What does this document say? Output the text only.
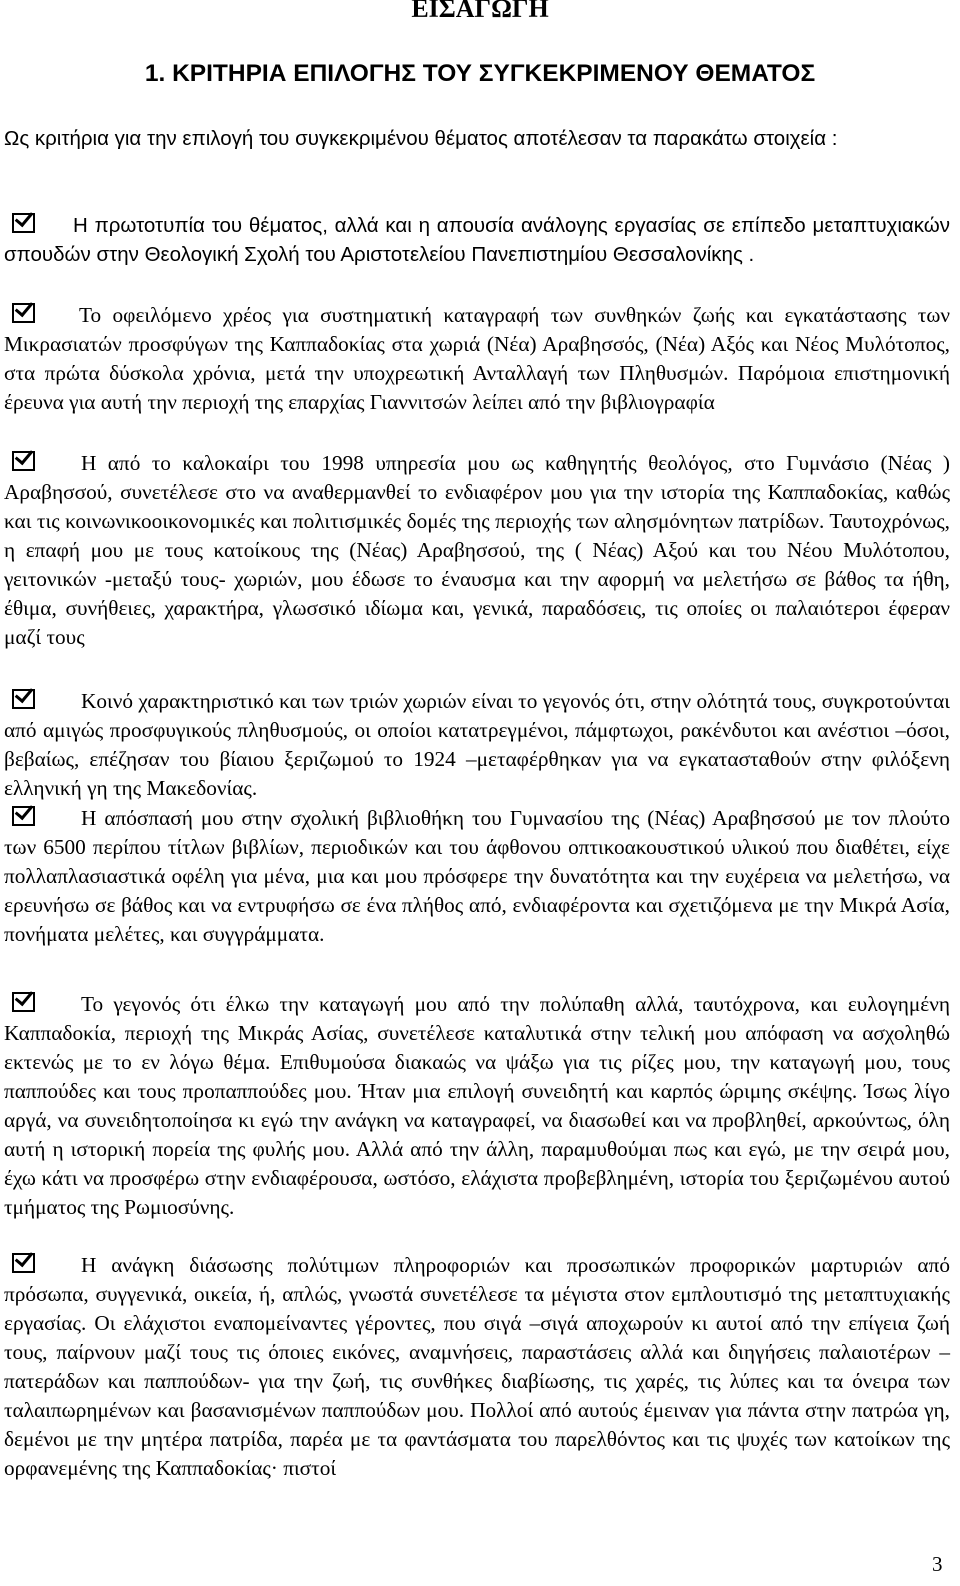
ΕΙΣΑΓΩΓΗ
1. ΚΡΙΤΗΡΙΑ ΕΠΙΛΟΓΗΣ ΤΟΥ ΣΥΓΚΕΚΡΙΜΕΝΟΥ ΘΕΜΑΤΟΣ

Ως κριτήρια για την επιλογή του συγκεκριμένου θέματος αποτέλεσαν τα παρακάτω στοιχεία :

Η πρωτοτυπία του θέματος, αλλά και η απουσία ανάλογης εργασίας σε επίπεδο μεταπτυχιακών σπουδών στην Θεολογική Σχολή του Αριστοτελείου Πανεπιστημίου Θεσσαλονίκης .

Το οφειλόμενο χρέος για συστηματική καταγραφή των συνθηκών ζωής και εγκατάστασης των Μικρασιατών προσφύγων της Καππαδοκίας στα χωριά (Νέα) Αραβησσός, (Νέα) Αξός και Νέος Μυλότοπος, στα πρώτα δύσκολα χρόνια, μετά την υποχρεωτική Ανταλλαγή των Πληθυσμών. Παρόμοια επιστημονική έρευνα για αυτή την περιοχή της επαρχίας Γιαννιτσών λείπει από την βιβλιογραφία

Η από το καλοκαίρι του 1998 υπηρεσία μου ως καθηγητής θεολόγος, στο Γυμνάσιο (Νέας ) Αραβησσού, συνετέλεσε στο να αναθερμανθεί το ενδιαφέρον μου για την ιστορία της Καππαδοκίας, καθώς και τις κοινωνικοοικονομικές και πολιτισμικές δομές της περιοχής των αλησμόνητων πατρίδων. Ταυτοχρόνως, η επαφή μου με τους κατοίκους της (Νέας) Αραβησσού, της ( Νέας) Αξού και του Νέου Μυλότοπου, γειτονικών -μεταξύ τους- χωριών, μου έδωσε το έναυσμα και την αφορμή να μελετήσω σε βάθος τα ήθη, έθιμα, συνήθειες, χαρακτήρα, γλωσσικό ιδίωμα και, γενικά, παραδόσεις, τις οποίες οι παλαιότεροι έφεραν μαζί τους

Κοινό χαρακτηριστικό και των τριών χωριών είναι το γεγονός ότι, στην ολότητά τους, συγκροτούνται από αμιγώς προσφυγικούς πληθυσμούς, οι οποίοι κατατρεγμένοι, πάμφτωχοι, ρακένδυτοι και ανέστιοι –όσοι, βεβαίως, επέζησαν του βίαιου ξεριζωμού το 1924 –μεταφέρθηκαν για να εγκατασταθούν στην φιλόξενη ελληνική γη της Μακεδονίας.

Η απόσπασή μου στην σχολική βιβλιοθήκη του Γυμνασίου της (Νέας) Αραβησσού με τον πλούτο των 6500 περίπου τίτλων βιβλίων, περιοδικών και του άφθονου οπτικοακουστικού υλικού που διαθέτει, είχε πολλαπλασιαστικά οφέλη για μένα, μια και μου πρόσφερε την δυνατότητα και την ευχέρεια να μελετήσω, να ερευνήσω σε βάθος και να εντρυφήσω σε ένα πλήθος από, ενδιαφέροντα και σχετιζόμενα με την Μικρά Ασία, πονήματα μελέτες, και συγγράμματα.

Το γεγονός ότι έλκω την καταγωγή μου από την πολύπαθη αλλά, ταυτόχρονα, και ευλογημένη Καππαδοκία, περιοχή της Μικράς Ασίας, συνετέλεσε καταλυτικά στην τελική μου απόφαση να ασχοληθώ εκτενώς με το εν λόγω θέμα. Επιθυμούσα διακαώς να ψάξω για τις ρίζες μου, την καταγωγή μου, τους παππούδες και τους προπαππούδες μου. Ήταν μια επιλογή συνειδητή και καρπός ώριμης σκέψης. Ίσως λίγο αργά, να συνειδητοποίησα κι εγώ την ανάγκη να καταγραφεί, να διασωθεί και να προβληθεί, αρκούντως, όλη αυτή η ιστορική πορεία της φυλής μου. Αλλά από την άλλη, παραμυθούμαι πως και εγώ, με την σειρά μου, έχω κάτι να προσφέρω στην ενδιαφέρουσα, ωστόσο, ελάχιστα προβεβλημένη, ιστορία του ξεριζωμένου αυτού τμήματος της Ρωμιοσύνης.

Η ανάγκη διάσωσης πολύτιμων πληροφοριών και προσωπικών προφορικών μαρτυριών από πρόσωπα, συγγενικά, οικεία, ή, απλώς, γνωστά συνετέλεσε τα μέγιστα στον εμπλουτισμό της μεταπτυχιακής εργασίας. Οι ελάχιστοι εναπομείναντες γέροντες, που σιγά –σιγά αποχωρούν κι αυτοί από την επίγεια ζωή τους, παίρνουν μαζί τους τις όποιες εικόνες, αναμνήσεις, παραστάσεις αλλά και διηγήσεις παλαιοτέρων –πατεράδων και παππούδων- για την ζωή, τις συνθήκες διαβίωσης, τις χαρές, τις λύπες και τα όνειρα των ταλαιπωρημένων και βασανισμένων παππούδων μου. Πολλοί από αυτούς έμειναν για πάντα στην πατρώα γη, δεμένοι με την μητέρα πατρίδα, παρέα με τα φαντάσματα του παρελθόντος και τις ψυχές των κατοίκων της ορφανεμένης της Καππαδοκίας· πιστοί

3
